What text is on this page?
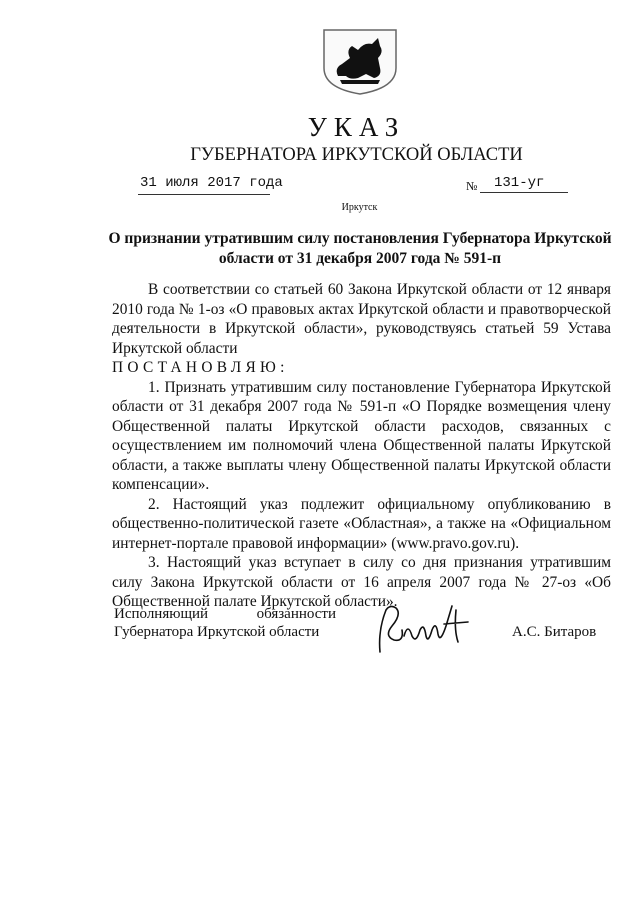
УКАЗ
ГУБЕРНАТОРА ИРКУТСКОЙ ОБЛАСТИ
31 июля 2017 года	№ 131-уг
Иркутск
О признании утратившим силу постановления Губернатора Иркутской
области от 31 декабря 2007 года № 591-п

В соответствии со статьей 60 Закона Иркутской области от 12 января 2010 года № 1-оз «О правовых актах Иркутской области и правотворческой деятельности в Иркутской области», руководствуясь статьей 59 Устава Иркутской области

ПОСТАНОВЛЯЮ:

1. Признать утратившим силу постановление Губернатора Иркутской области от 31 декабря 2007 года № 591-п «О Порядке возмещения члену Общественной палаты Иркутской области расходов, связанных с осуществлением им полномочий члена Общественной палаты Иркутской области, а также выплаты члену Общественной палаты Иркутской области компенсации».

2. Настоящий указ подлежит официальному опубликованию в общественно-политической газете «Областная», а также на «Официальном интернет-портале правовой информации» (www.pravo.gov.ru).

3. Настоящий указ вступает в силу со дня признания утратившим силу Закона Иркутской области от 16 апреля 2007 года № 27-оз «Об Общественной палате Иркутской области».

Исполняющий обязанности
Губернатора Иркутской области	А.С. Битаров
